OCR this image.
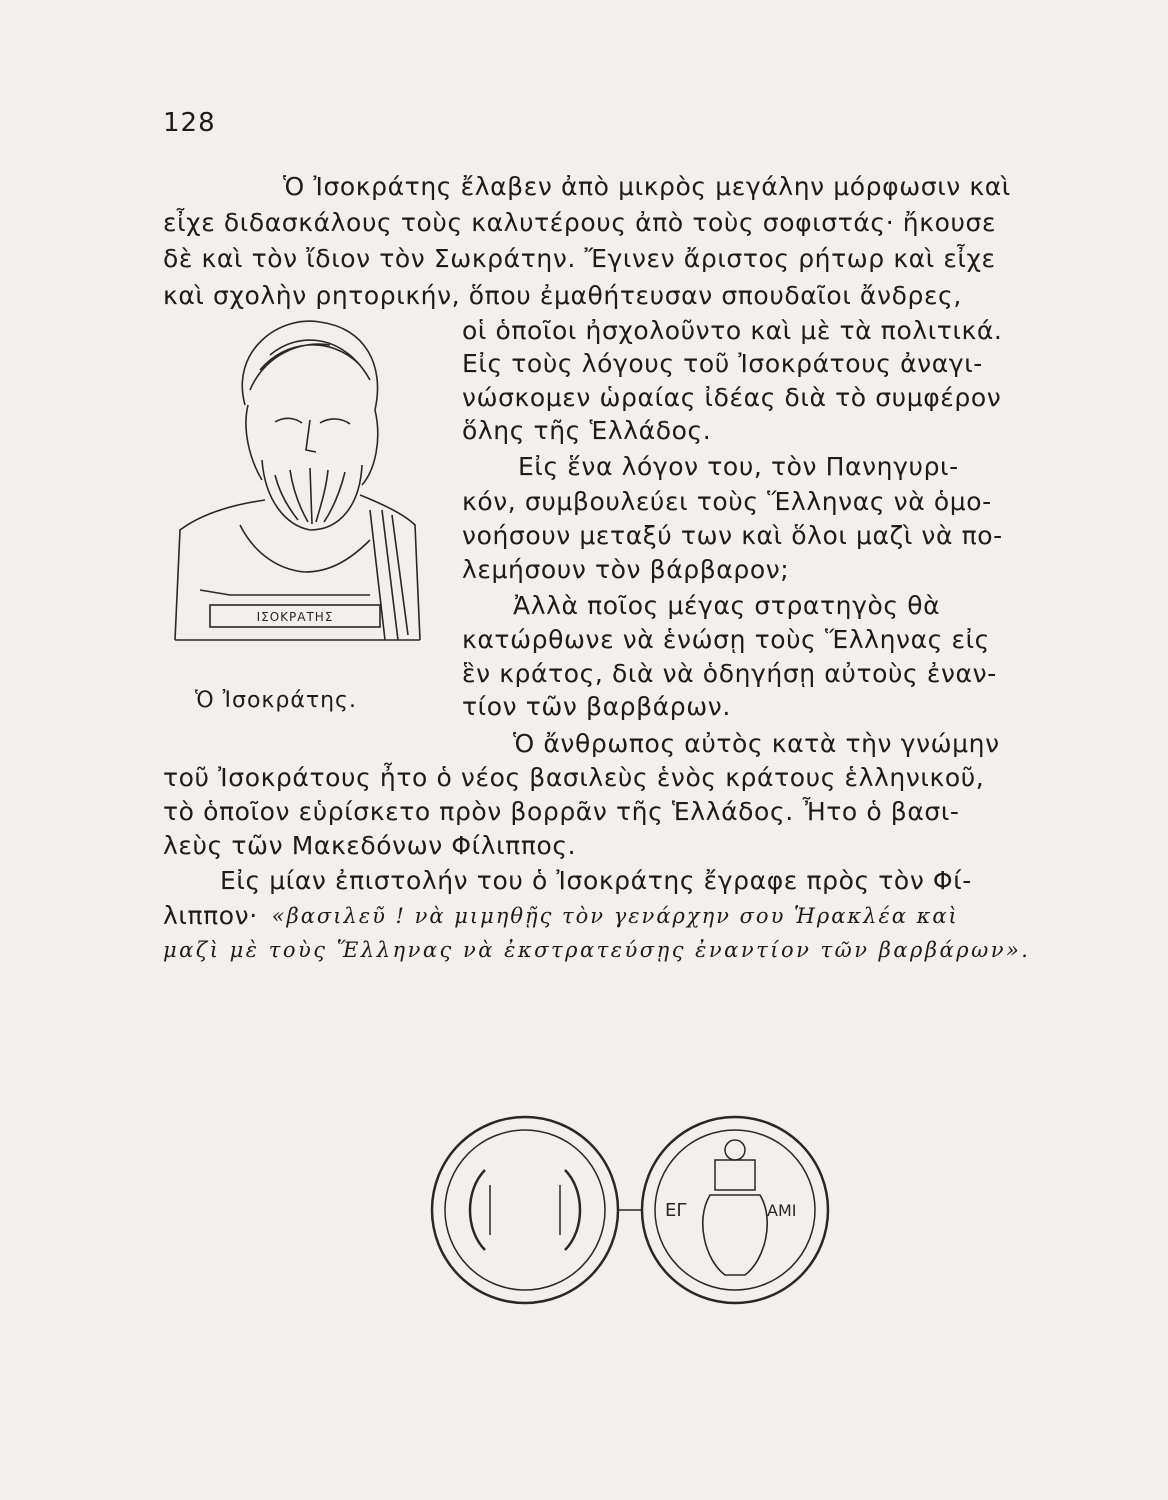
128
Ὁ Ἰσοκράτης ἔλαβεν ἀπὸ μικρὸς μεγάλην μόρφωσιν καὶ
εἶχε διδασκάλους τοὺς καλυτέρους ἀπὸ τοὺς σοφιστάς· ἤκουσε
δὲ καὶ τὸν ἴδιον τὸν Σωκράτην. Ἔγινεν ἄριστος ρήτωρ καὶ εἶχε
καὶ σχολὴν ρητορικήν, ὅπου ἐμαθήτευσαν σπουδαῖοι ἄνδρες,
οἱ ὁποῖοι ἠσχολοῦντο καὶ μὲ τὰ πολιτικά.
Εἰς τοὺς λόγους τοῦ Ἰσοκράτους ἀναγι-
νώσκομεν ὡραίας ἰδέας διὰ τὸ συμφέρον
ὅλης τῆς Ἑλλάδος.
Εἰς ἕνα λόγον του, τὸν Πανηγυρι-
κόν, συμβουλεύει τοὺς Ἕλληνας νὰ ὁμο-
νοήσουν μεταξύ των καὶ ὅλοι μαζὶ νὰ πο-
λεμήσουν τὸν βάρβαρον;
Ἀλλὰ ποῖος μέγας στρατηγὸς θὰ
κατώρθωνε νὰ ἑνώσῃ τοὺς Ἕλληνας εἰς
ἓν κράτος, διὰ νὰ ὁδηγήσῃ αὐτοὺς ἐναν-
τίον τῶν βαρβάρων.
Ὁ ἄνθρωπος αὐτὸς κατὰ τὴν γνώμην
τοῦ Ἰσοκράτους ἦτο ὁ νέος βασιλεὺς ἑνὸς κράτους ἑλληνικοῦ,
τὸ ὁποῖον εὑρίσκετο πρὸν βορρᾶν τῆς Ἑλλάδος. Ἦτο ὁ βασι-
λεὺς τῶν Μακεδόνων Φίλιππος.
Εἰς μίαν ἐπιστολήν του ὁ Ἰσοκράτης ἔγραφε πρὸς τὸν Φί-
λιππον· «βασιλεῦ ! νὰ μιμηθῇς τὸν γενάρχην σου Ἡρακλέα καὶ
μαζὶ μὲ τοὺς Ἕλληνας νὰ ἐκστρατεύσῃς ἐναντίον τῶν βαρβάρων».
ΙΣΟΚΡΑΤΗΣ
Ὁ Ἰσοκράτης.
ΕΓ	ΑΜΙ
